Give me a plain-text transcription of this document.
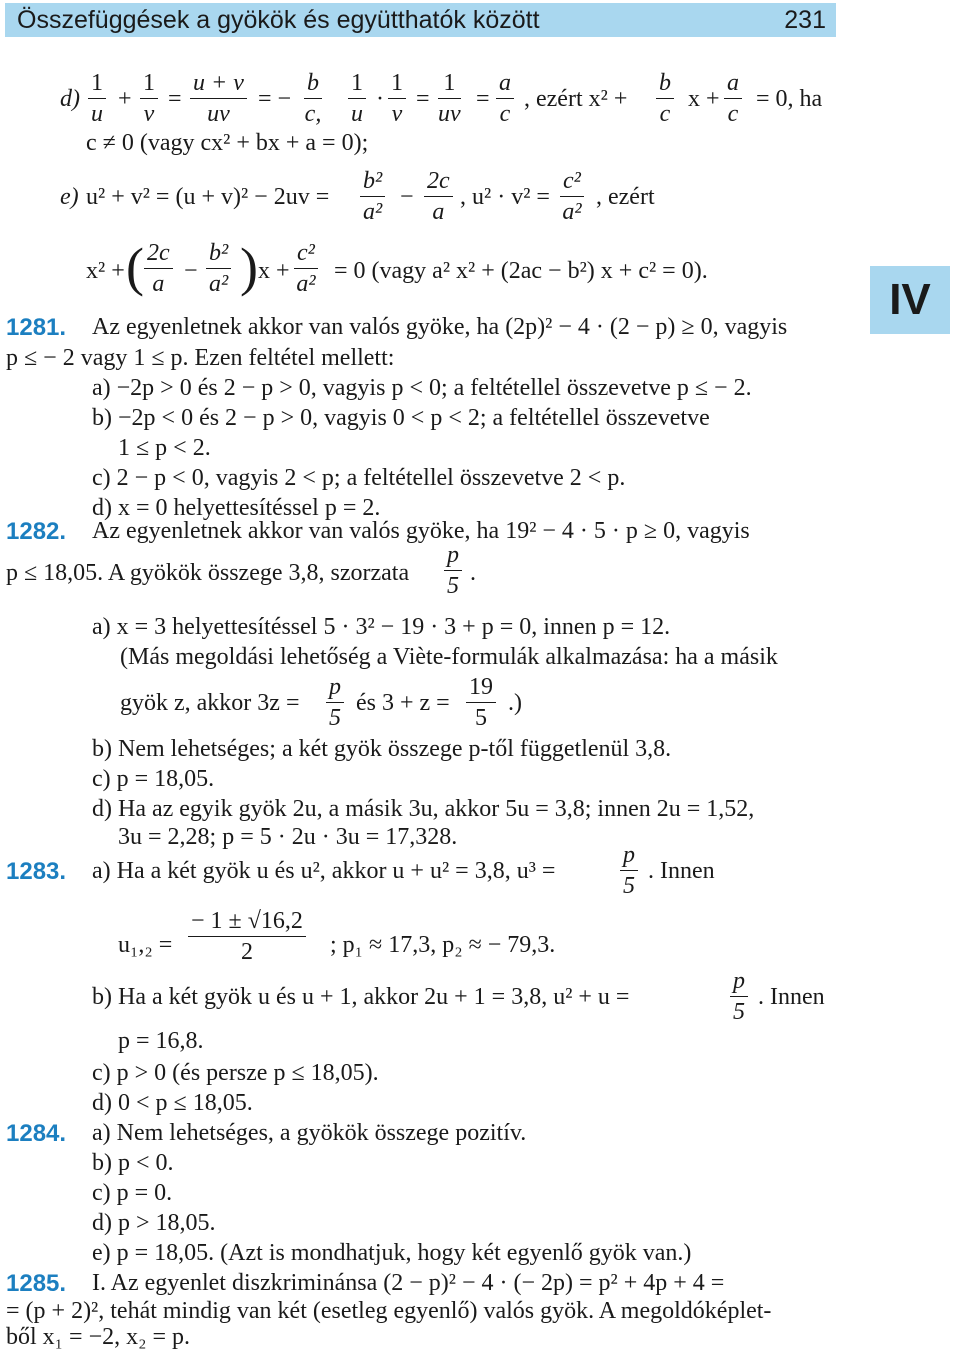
Összefüggések a gyökök és együtthatók között	231
IV
$d) \frac{1}{u} + \frac{1}{v} = \frac{u + v}{uv}$ = − $\frac{b}{c,} \frac{1}{u} \cdot \frac{1}{v} = \frac{1}{uv} = \frac{a}{c}$ , ezért $x^2 + \frac{b}{c}$ $x + \frac{a}{c} = 0$, ha
c ≠ 0 (vagy cx² + bx + a = 0);
e) $u^2 + v^2 = (u + v)^2 - 2uv = \frac{\text{b²}}{\text{a²}} - \frac{2c}{a}$ , $u^2 \cdot v^2 = \frac{\text{c²}}{\text{a²}}$ , ezért
x² + ( $\frac{2c}{a} - \frac{\text{b²}}{\text{a²}}$ ) $x + \frac{\text{c²}}{\text{a²}} = 0$ (vagy a² x² + (2ac − b²) x + c² = 0).
1281. Az egyenletnek akkor van valós gyöke, ha (2p)² − 4 · (2 − p) ≥ 0, vagyis
p ≤ − 2 vagy 1 ≤ p. Ezen feltétel mellett:
a) −2p > 0 és 2 − p > 0, vagyis p < 0; a feltétellel összevetve p ≤ − 2.
b) −2p < 0 és 2 − p > 0, vagyis 0 < p < 2; a feltétellel összevetve
1 ≤ p < 2.
c) 2 − p < 0, vagyis 2 < p; a feltétellel összevetve 2 < p.
d) x = 0 helyettesítéssel p = 2.
1282. Az egyenletnek akkor van valós gyöke, ha 19² − 4 · 5 · p ≥ 0, vagyis
p ≤ 18,05. A gyökök összege 3,8, szorzata $\frac{p}{5}$ .
a) x = 3 helyettesítéssel 5 · 3² − 19 · 3 + p = 0, innen p = 12.
(Más megoldási lehetőség a Viète-formulák alkalmazása: ha a másik
gyök z, akkor $3z = \frac{p}{5}$ és $3 + z = \frac{19}{5}$ .)
b) Nem lehetséges; a két gyök összege p-től függetlenül 3,8.
c) p = 18,05.
d) Ha az egyik gyök 2u, a másik 3u, akkor 5u = 3,8; innen 2u = 1,52,
3u = 2,28; p = 5 · 2u · 3u = 17,328.
1283. a) Ha a két gyök u és u², akkor u + u² = 3,8, u³ =	$\frac{p}{5}$ . Innen
$u_1,_2 = \frac{- 1 \pm √16,2}{2}$ ; p₁ ≈ 17,3, p₂ ≈ − 79,3.
b) Ha a két gyök u és u + 1, akkor 2u + 1 = 3,8, u² + u =	$\frac{p}{5}$ . Innen
p = 16,8.
c) p > 0 (és persze p ≤ 18,05).
d) 0 < p ≤ 18,05.
1284. a) Nem lehetséges, a gyökök összege pozitív.
b) p < 0.
c) p = 0.
d) p > 18,05.
e) p = 18,05. (Azt is mondhatjuk, hogy két egyenlő gyök van.)
1285. I. Az egyenlet diszkriminánsa (2 − p)² − 4 · (− 2p) = p² + 4p + 4 =
= (p + 2)², tehát mindig van két (esetleg egyenlő) valós gyök. A megoldóképlet-
ből x₁ = −2, x₂ = p.
